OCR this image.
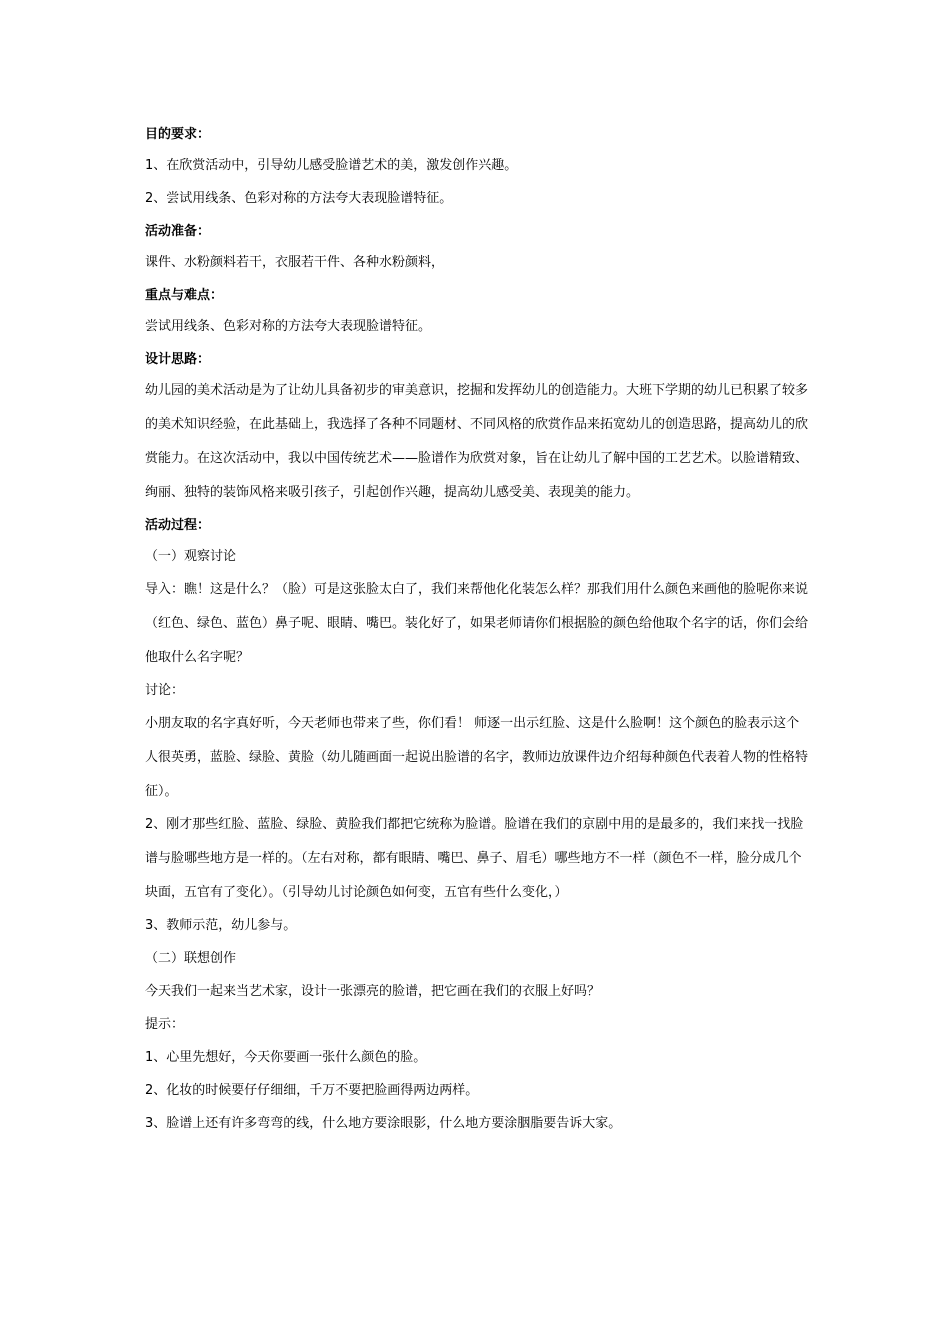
目的要求：

1、在欣赏活动中，引导幼儿感受脸谱艺术的美，激发创作兴趣。

2、尝试用线条、色彩对称的方法夸大表现脸谱特征。

活动准备：

课件、水粉颜料若干，衣服若干件、各种水粉颜料，

重点与难点：

尝试用线条、色彩对称的方法夸大表现脸谱特征。

设计思路：

幼儿园的美术活动是为了让幼儿具备初步的审美意识，挖掘和发挥幼儿的创造能力。大班下学期的幼儿已积累了较多的美术知识经验，在此基础上，我选择了各种不同题材、不同风格的欣赏作品来拓宽幼儿的创造思路，提高幼儿的欣赏能力。在这次活动中，我以中国传统艺术——脸谱作为欣赏对象，旨在让幼儿了解中国的工艺艺术。以脸谱精致、绚丽、独特的装饰风格来吸引孩子，引起创作兴趣，提高幼儿感受美、表现美的能力。

活动过程：

（一）观察讨论

导入：瞧！这是什么？（脸）可是这张脸太白了，我们来帮他化化装怎么样？那我们用什么颜色来画他的脸呢你来说（红色、绿色、蓝色）鼻子呢、眼睛、嘴巴。装化好了，如果老师请你们根据脸的颜色给他取个名字的话，你们会给他取什么名字呢？

讨论：

小朋友取的名字真好听，今天老师也带来了些，你们看！ 师逐一出示红脸、这是什么脸啊！这个颜色的脸表示这个人很英勇，蓝脸、绿脸、黄脸（幼儿随画面一起说出脸谱的名字，教师边放课件边介绍每种颜色代表着人物的性格特征）。

2、刚才那些红脸、蓝脸、绿脸、黄脸我们都把它统称为脸谱。脸谱在我们的京剧中用的是最多的，我们来找一找脸谱与脸哪些地方是一样的。（左右对称，都有眼睛、嘴巴、鼻子、眉毛）哪些地方不一样（颜色不一样，脸分成几个块面，五官有了变化）。（引导幼儿讨论颜色如何变，五官有些什么变化，）

3、教师示范，幼儿参与。

（二）联想创作

今天我们一起来当艺术家，设计一张漂亮的脸谱，把它画在我们的衣服上好吗？

提示：

1、心里先想好，今天你要画一张什么颜色的脸。

2、化妆的时候要仔仔细细，千万不要把脸画得两边两样。

3、脸谱上还有许多弯弯的线，什么地方要涂眼影，什么地方要涂胭脂要告诉大家。
